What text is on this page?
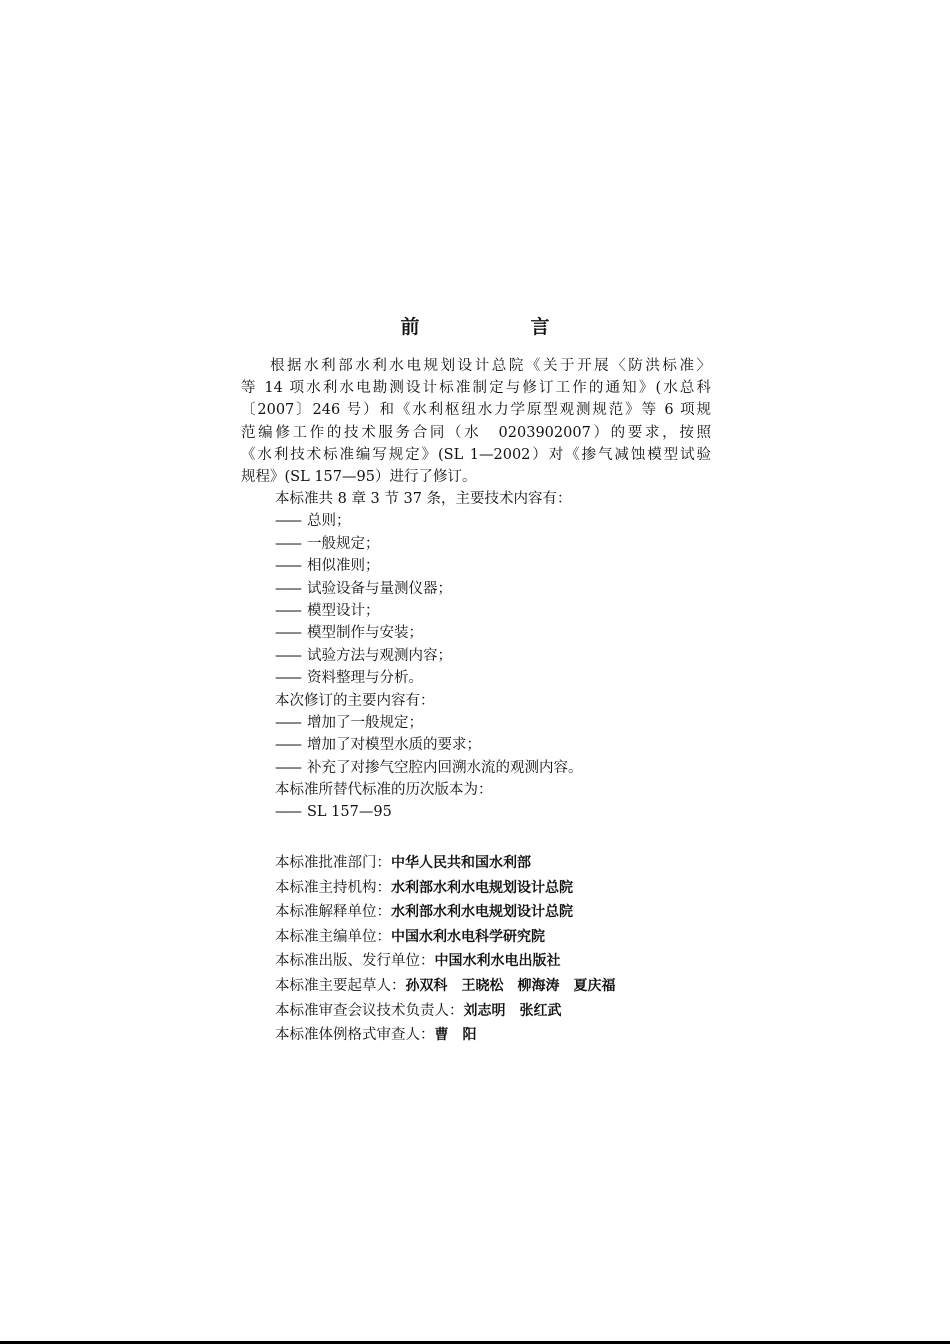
前　言

根据水利部水利水电规划设计总院《关于开展〈防洪标准〉
等 14 项水利水电勘测设计标准制定与修订工作的通知》(水总科
〔2007〕246 号）和《水利枢纽水力学原型观测规范》等 6 项规
范编修工作的技术服务合同（水　0203902007）的要求，按照
《水利技术标准编写规定》(SL 1—2002）对《掺气减蚀模型试验
规程》(SL 157—95）进行了修订。

本标准共 8 章 3 节 37 条，主要技术内容有：

—— 总则；
—— 一般规定；
—— 相似准则；
—— 试验设备与量测仪器；
—— 模型设计；
—— 模型制作与安装；
—— 试验方法与观测内容；
—— 资料整理与分析。

本次修订的主要内容有：

—— 增加了一般规定；
—— 增加了对模型水质的要求；
—— 补充了对掺气空腔内回溯水流的观测内容。

本标准所替代标准的历次版本为：

—— SL 157—95
本标准批准部门：中华人民共和国水利部
本标准主持机构：水利部水利水电规划设计总院
本标准解释单位：水利部水利水电规划设计总院
本标准主编单位：中国水利水电科学研究院
本标准出版、发行单位：中国水利水电出版社
本标准主要起草人：孙双科　王晓松　柳海涛　夏庆福
本标准审查会议技术负责人：刘志明　张红武
本标准体例格式审查人：曹　阳
